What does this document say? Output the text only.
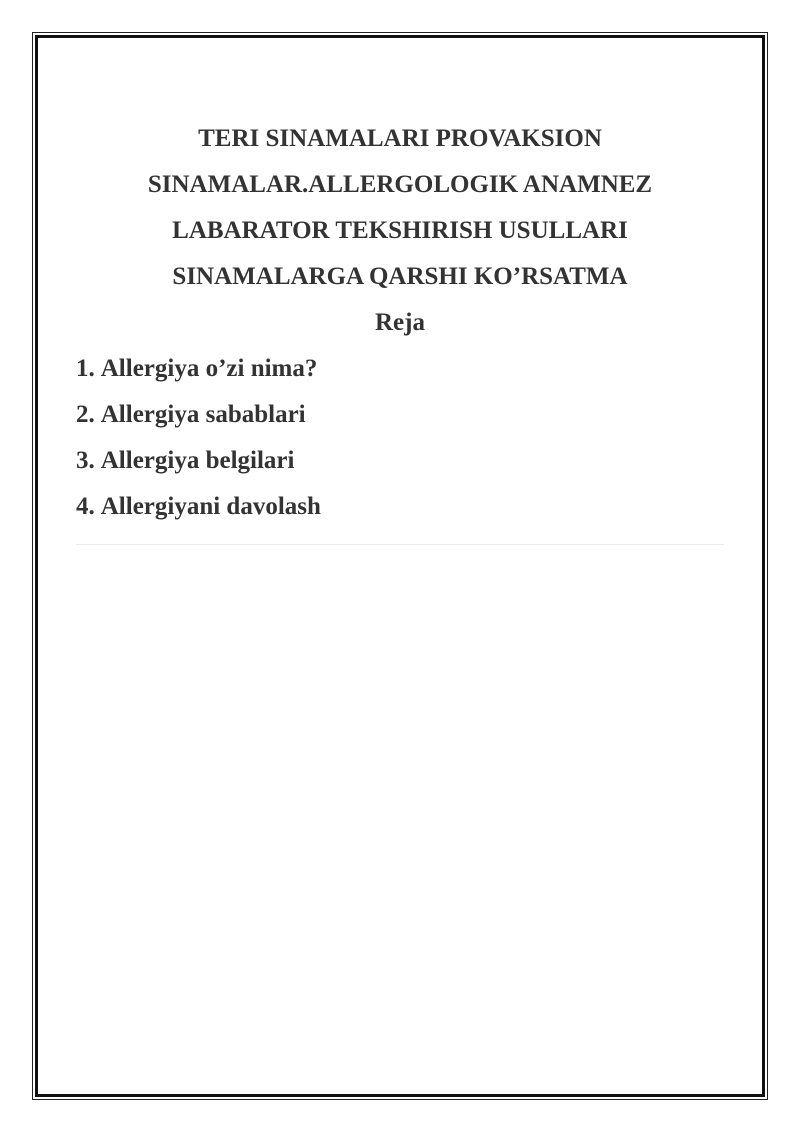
TERI SINAMALARI PROVAKSION

SINAMALAR.ALLERGOLOGIK ANAMNEZ

LABARATOR TEKSHIRISH USULLARI

SINAMALARGA QARSHI KO’RSATMA

Reja

1. Allergiya o’zi nima?
2. Allergiya sabablari
3. Allergiya belgilari
4. Allergiyani davolash
